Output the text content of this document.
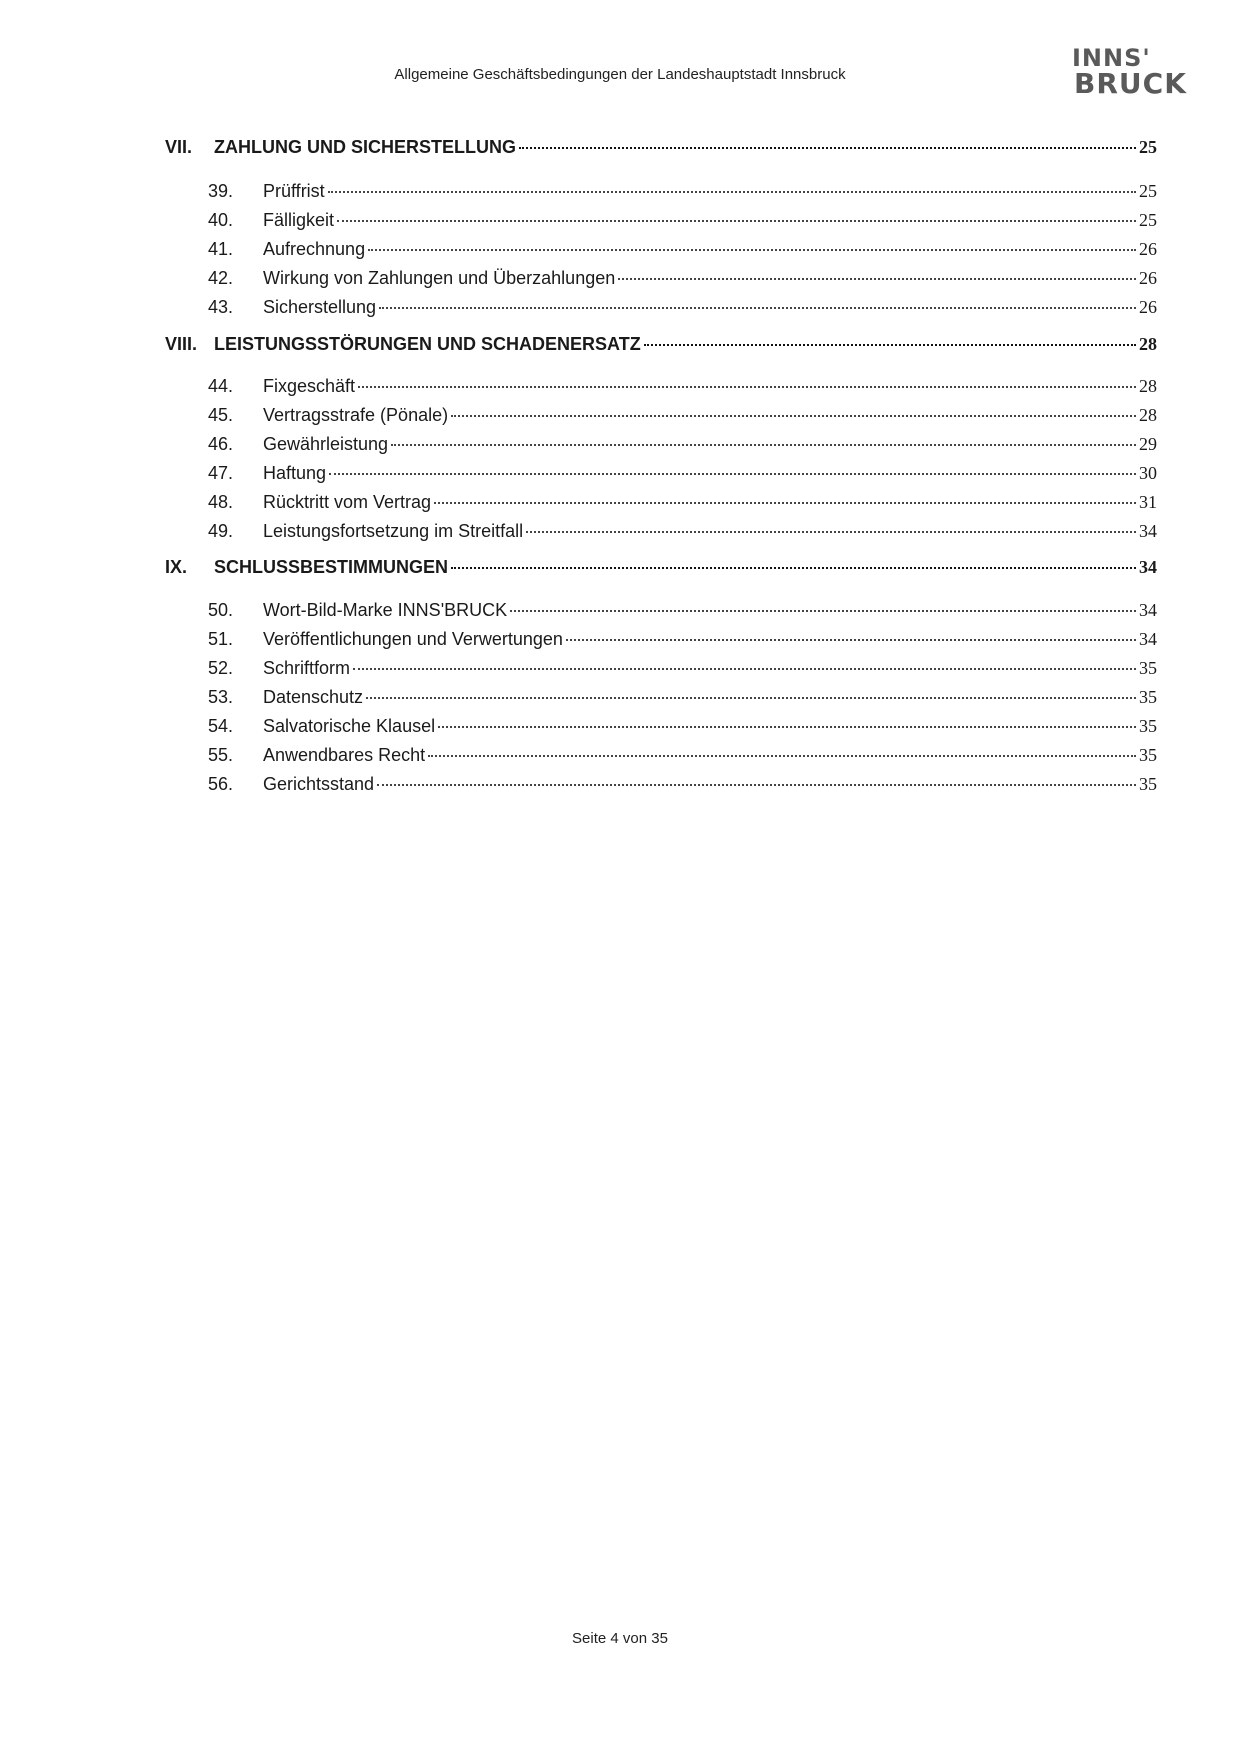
Allgemeine Geschäftsbedingungen der Landeshauptstadt Innsbruck
INNS'
BRUCK
VII.	ZAHLUNG UND SICHERSTELLUNG	25
39.	Prüffrist	25
40.	Fälligkeit	25
41.	Aufrechnung	26
42.	Wirkung von Zahlungen und Überzahlungen	26
43.	Sicherstellung	26
VIII. LEISTUNGSSTÖRUNGEN UND SCHADENERSATZ	28
44.	Fixgeschäft	28
45.	Vertragsstrafe (Pönale)	28
46.	Gewährleistung	29
47.	Haftung	30
48.	Rücktritt vom Vertrag	31
49.	Leistungsfortsetzung im Streitfall	34
IX.	SCHLUSSBESTIMMUNGEN	34
50.	Wort-Bild-Marke INNS'BRUCK	34
51.	Veröffentlichungen und Verwertungen	34
52.	Schriftform	35
53.	Datenschutz	35
54.	Salvatorische Klausel	35
55.	Anwendbares Recht	35
56.	Gerichtsstand	35
Seite 4 von 35
